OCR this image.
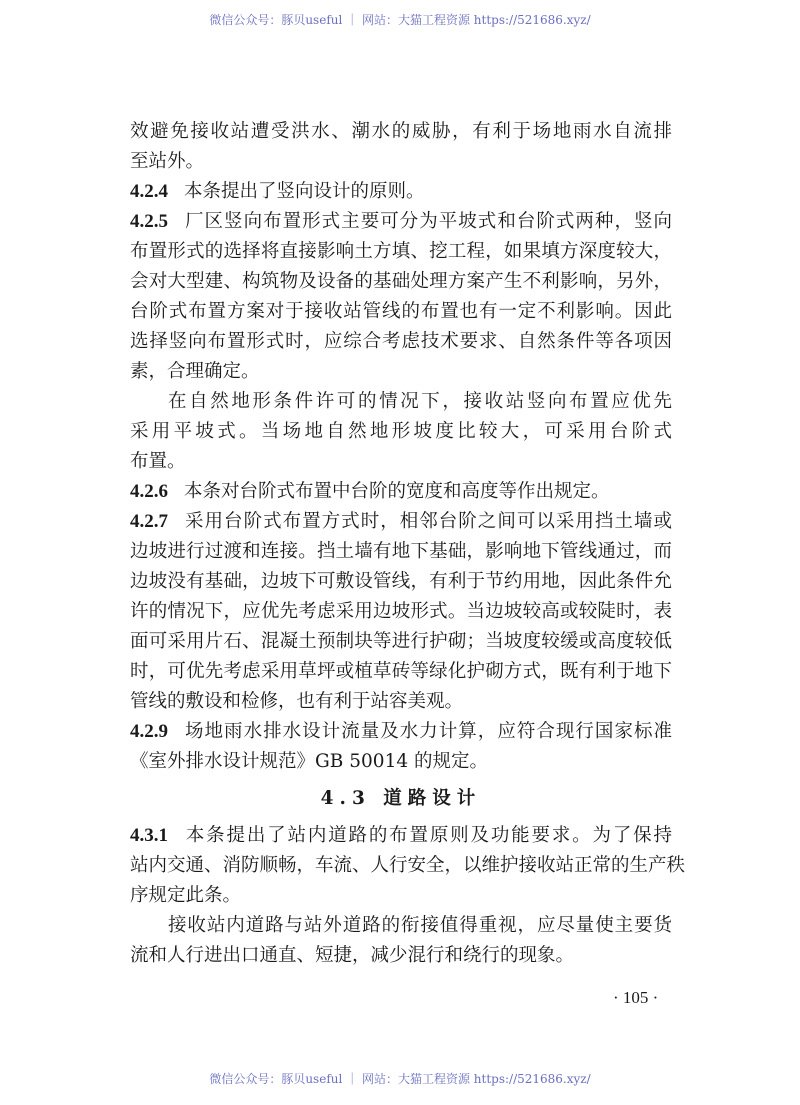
微信公众号：豚贝useful ｜ 网站：大猫工程资源 https://521686.xyz/
效避免接收站遭受洪水、潮水的威胁，有利于场地雨水自流排
至站外。
4.2.4 本条提出了竖向设计的原则。
4.2.5 厂区竖向布置形式主要可分为平坡式和台阶式两种，竖向
布置形式的选择将直接影响土方填、挖工程，如果填方深度较大，
会对大型建、构筑物及设备的基础处理方案产生不利影响，另外，
台阶式布置方案对于接收站管线的布置也有一定不利影响。因此
选择竖向布置形式时，应综合考虑技术要求、自然条件等各项因
素，合理确定。
在自然地形条件许可的情况下，接收站竖向布置应优先
采用平坡式。当场地自然地形坡度比较大，可采用台阶式
布置。
4.2.6 本条对台阶式布置中台阶的宽度和高度等作出规定。
4.2.7 采用台阶式布置方式时，相邻台阶之间可以采用挡土墙或
边坡进行过渡和连接。挡土墙有地下基础，影响地下管线通过，而
边坡没有基础，边坡下可敷设管线，有利于节约用地，因此条件允
许的情况下，应优先考虑采用边坡形式。当边坡较高或较陡时，表
面可采用片石、混凝土预制块等进行护砌；当坡度较缓或高度较低
时，可优先考虑采用草坪或植草砖等绿化护砌方式，既有利于地下
管线的敷设和检修，也有利于站容美观。
4.2.9 场地雨水排水设计流量及水力计算，应符合现行国家标准
《室外排水设计规范》GB 50014 的规定。
4.3 道路设计
4.3.1 本条提出了站内道路的布置原则及功能要求。为了保持
站内交通、消防顺畅，车流、人行安全，以维护接收站正常的生产秩
序规定此条。
接收站内道路与站外道路的衔接值得重视，应尽量使主要货
流和人行进出口通直、短捷，减少混行和绕行的现象。
· 105 ·
微信公众号：豚贝useful ｜ 网站：大猫工程资源 https://521686.xyz/
